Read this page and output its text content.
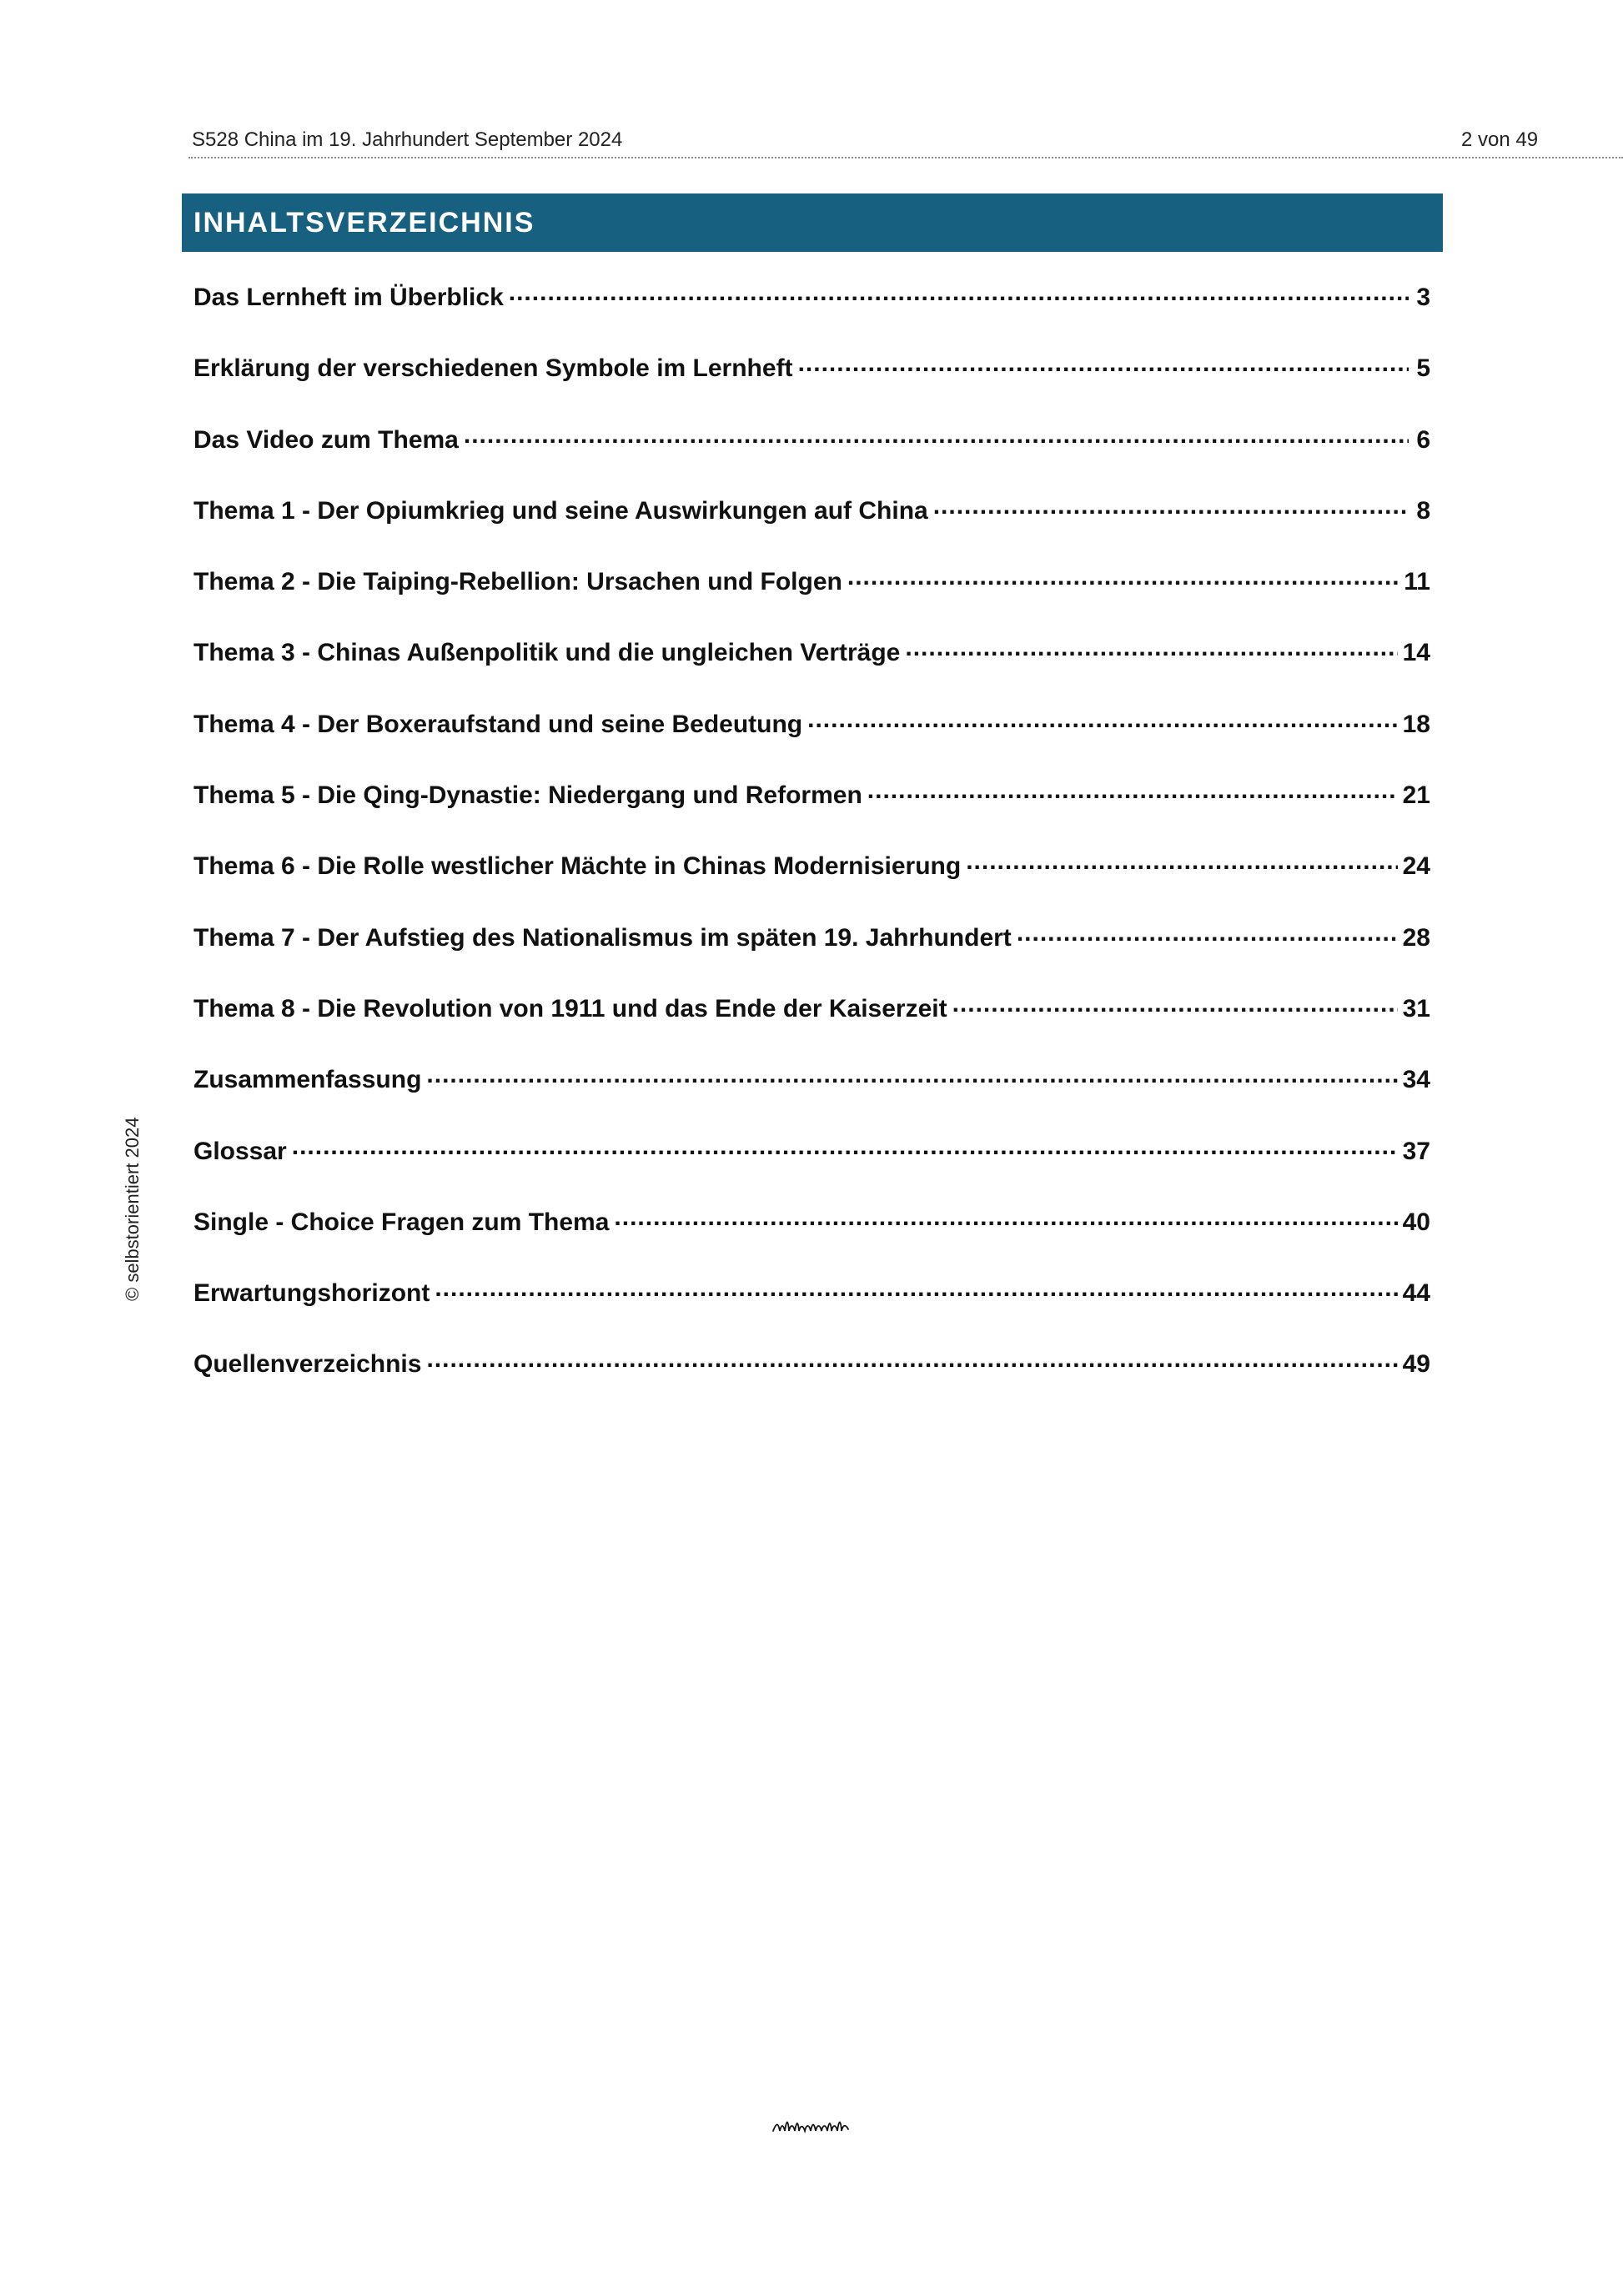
S528 China im 19. Jahrhundert September 2024	2 von 49
INHALTSVERZEICHNIS
Das Lernheft im Überblick .....	3
Erklärung der verschiedenen Symbole im Lernheft .....	5
Das Video zum Thema .....	6
Thema 1 - Der Opiumkrieg und seine Auswirkungen auf China .....	8
Thema 2 - Die Taiping-Rebellion: Ursachen und Folgen .....	11
Thema 3 - Chinas Außenpolitik und die ungleichen Verträge .....	14
Thema 4 - Der Boxeraufstand und seine Bedeutung .....	18
Thema 5 - Die Qing-Dynastie: Niedergang und Reformen .....	21
Thema 6 - Die Rolle westlicher Mächte in Chinas Modernisierung .....	24
Thema 7 - Der Aufstieg des Nationalismus im späten 19. Jahrhundert .....	28
Thema 8 - Die Revolution von 1911 und das Ende der Kaiserzeit .....	31
Zusammenfassung .....	34
Glossar .....	37
Single - Choice Fragen zum Thema .....	40
Erwartungshorizont .....	44
Quellenverzeichnis .....	49
© selbstorientiert 2024
